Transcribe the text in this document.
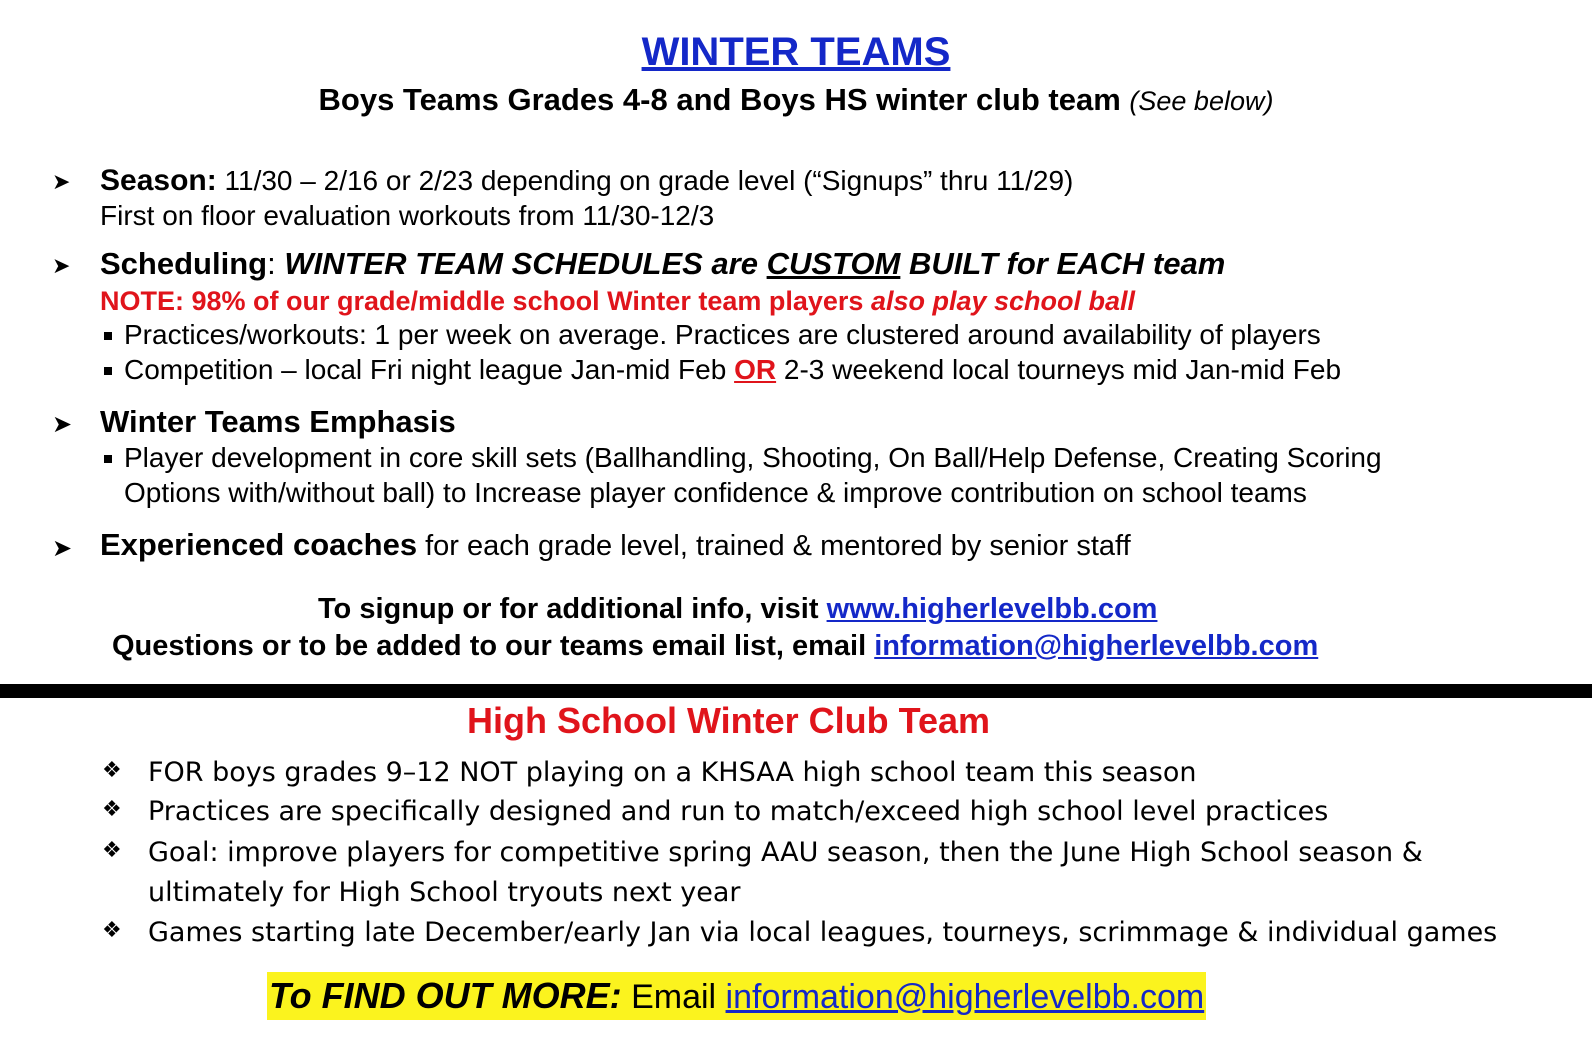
WINTER TEAMS
Boys Teams Grades 4-8 and Boys HS winter club team (See below)
➤ Season: 11/30 – 2/16 or 2/23 depending on grade level (“Signups” thru 11/29)
First on floor evaluation workouts from 11/30-12/3
➤ Scheduling: WINTER TEAM SCHEDULES are CUSTOM BUILT for EACH team
NOTE: 98% of our grade/middle school Winter team players also play school ball
Practices/workouts: 1 per week on average. Practices are clustered around availability of players
Competition – local Fri night league Jan-mid Feb OR 2-3 weekend local tourneys mid Jan-mid Feb
➤ Winter Teams Emphasis
Player development in core skill sets (Ballhandling, Shooting, On Ball/Help Defense, Creating Scoring
Options with/without ball) to Increase player confidence & improve contribution on school teams
➤ Experienced coaches for each grade level, trained & mentored by senior staff
To signup or for additional info, visit www.higherlevelbb.com
Questions or to be added to our teams email list, email information@higherlevelbb.com
High School Winter Club Team
❖ FOR boys grades 9–12 NOT playing on a KHSAA high school team this season
❖ Practices are specifically designed and run to match/exceed high school level practices
❖ Goal: improve players for competitive spring AAU season, then the June High School season &
ultimately for High School tryouts next year
❖ Games starting late December/early Jan via local leagues, tourneys, scrimmage & individual games
To FIND OUT MORE: Email information@higherlevelbb.com
